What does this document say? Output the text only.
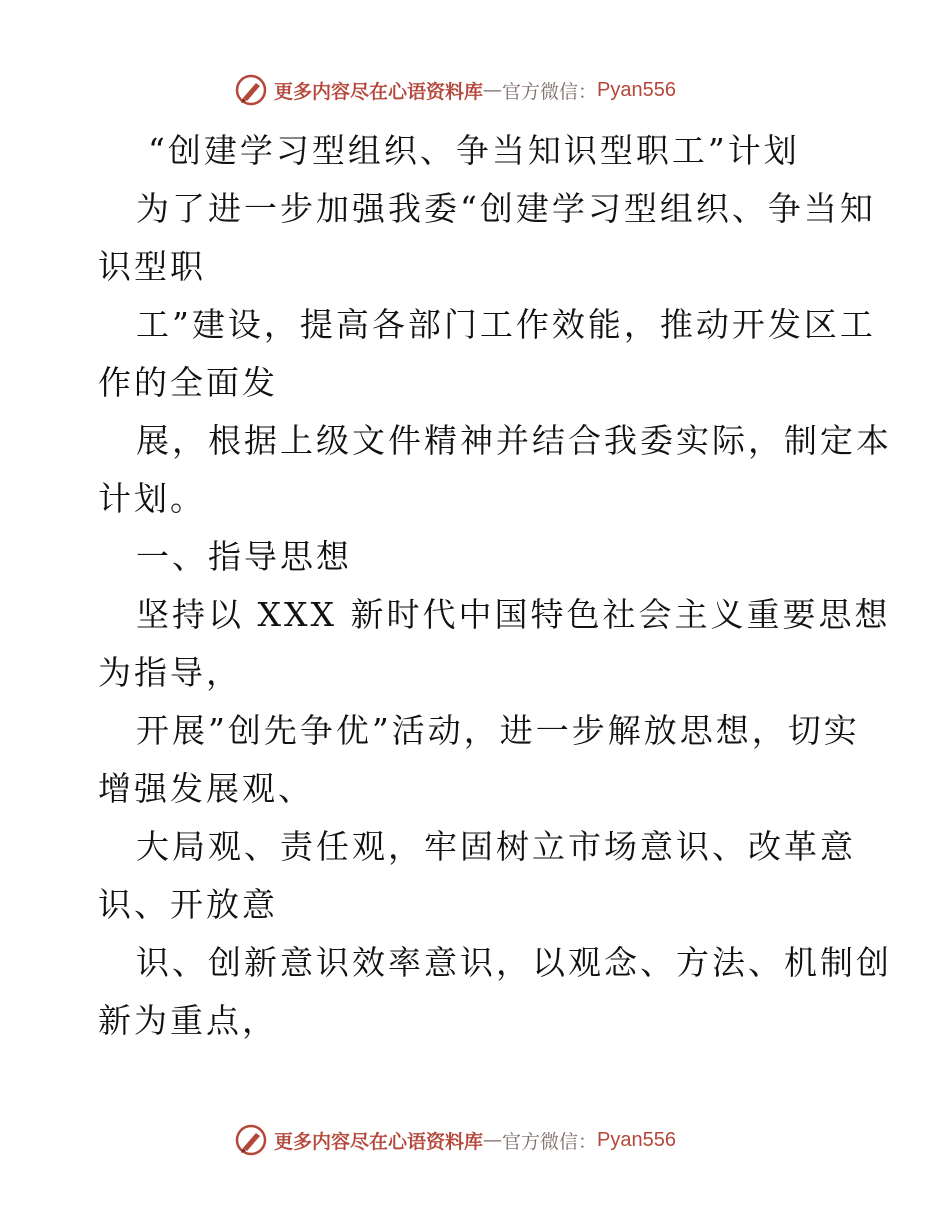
更多内容尽在心语资料库 — 官方微信： Pyan556
“创建学习型组织、争当知识型职工”计划
为了进一步加强我委“创建学习型组织、争当知
识型职
工”建设，提高各部门工作效能，推动开发区工
作的全面发
展，根据上级文件精神并结合我委实际，制定本
计划。
一、指导思想
坚持以 XXX 新时代中国特色社会主义重要思想
为指导，
开展”创先争优”活动，进一步解放思想，切实
增强发展观、
大局观、责任观，牢固树立市场意识、改革意
识、开放意
识、创新意识效率意识，以观念、方法、机制创
新为重点，
更多内容尽在心语资料库 — 官方微信： Pyan556
